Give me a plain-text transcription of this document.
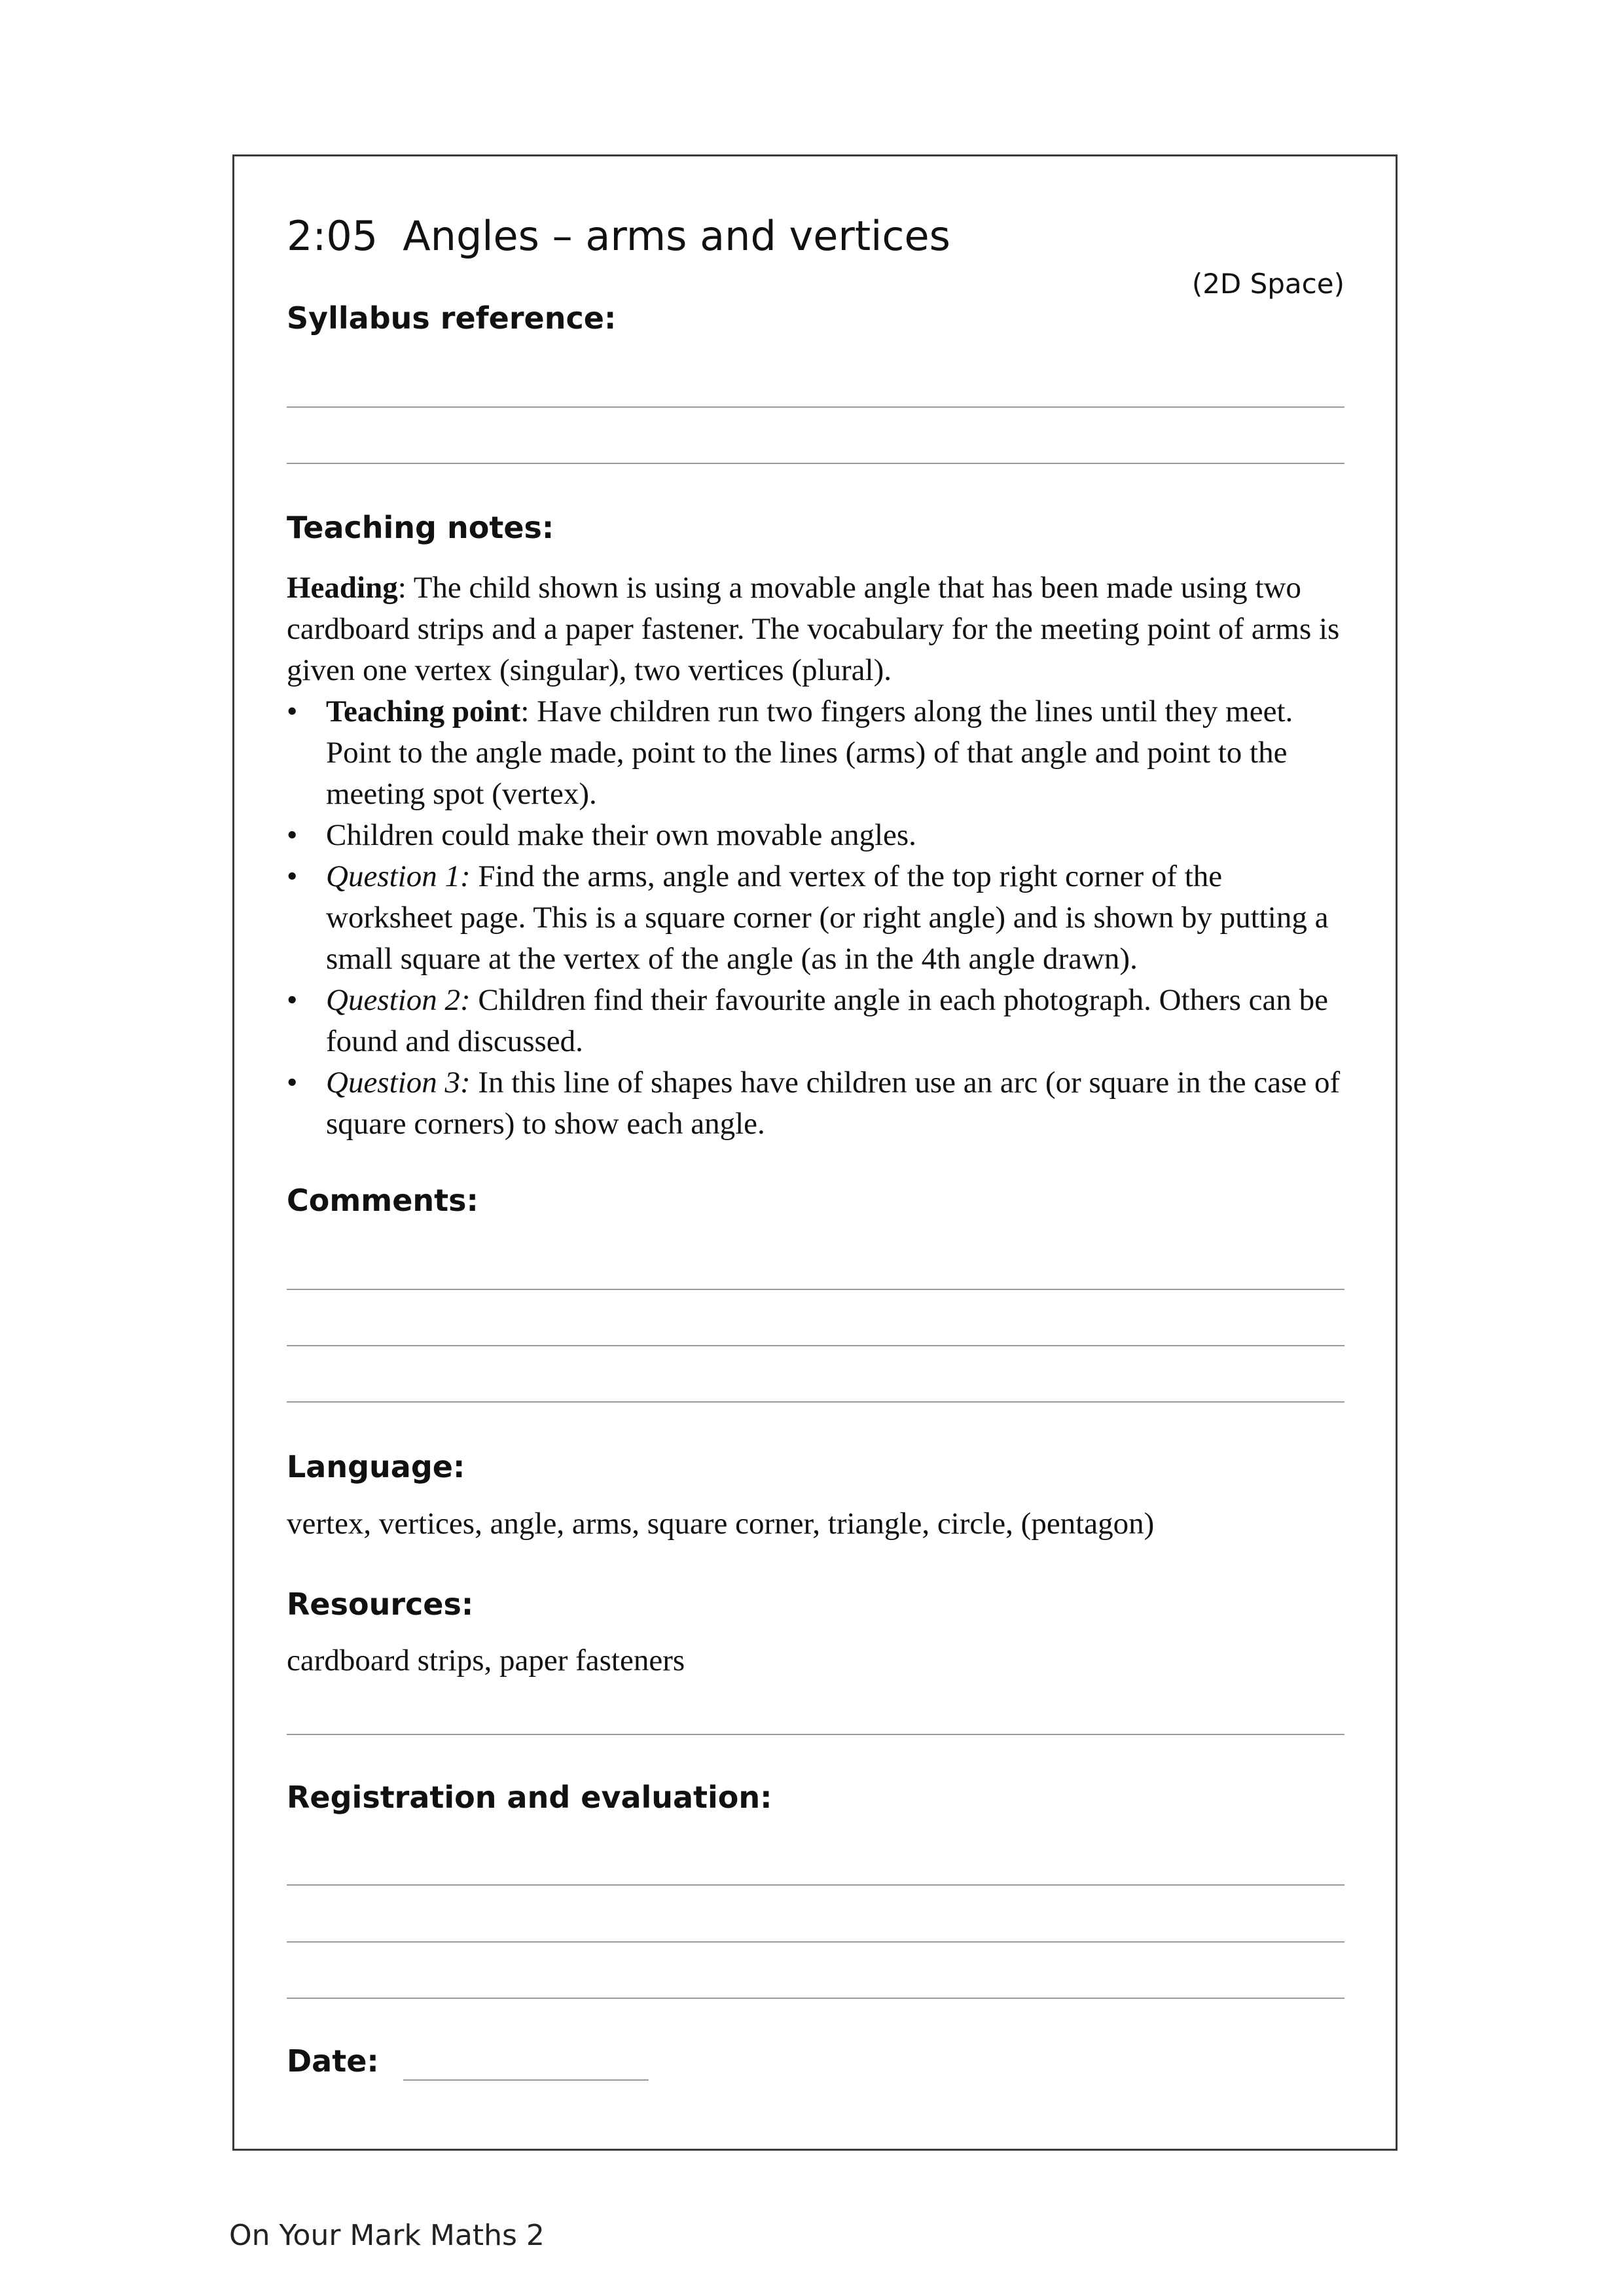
2:05 Angles – arms and vertices
(2D Space)
Syllabus reference:
Teaching notes:

Heading: The child shown is using a movable angle that has been made using two cardboard strips and a paper fastener. The vocabulary for the meeting point of arms is given one vertex (singular), two vertices (plural).

• Teaching point: Have children run two fingers along the lines until they meet. Point to the angle made, point to the lines (arms) of that angle and point to the meeting spot (vertex).
• Children could make their own movable angles.
• Question 1: Find the arms, angle and vertex of the top right corner of the worksheet page. This is a square corner (or right angle) and is shown by putting a small square at the vertex of the angle (as in the 4th angle drawn).
• Question 2: Children find their favourite angle in each photograph. Others can be found and discussed.
• Question 3: In this line of shapes have children use an arc (or square in the case of square corners) to show each angle.
Comments:
Language:
vertex, vertices, angle, arms, square corner, triangle, circle, (pentagon)
Resources:
cardboard strips, paper fasteners
Registration and evaluation:
Date:
On Your Mark Maths 2
